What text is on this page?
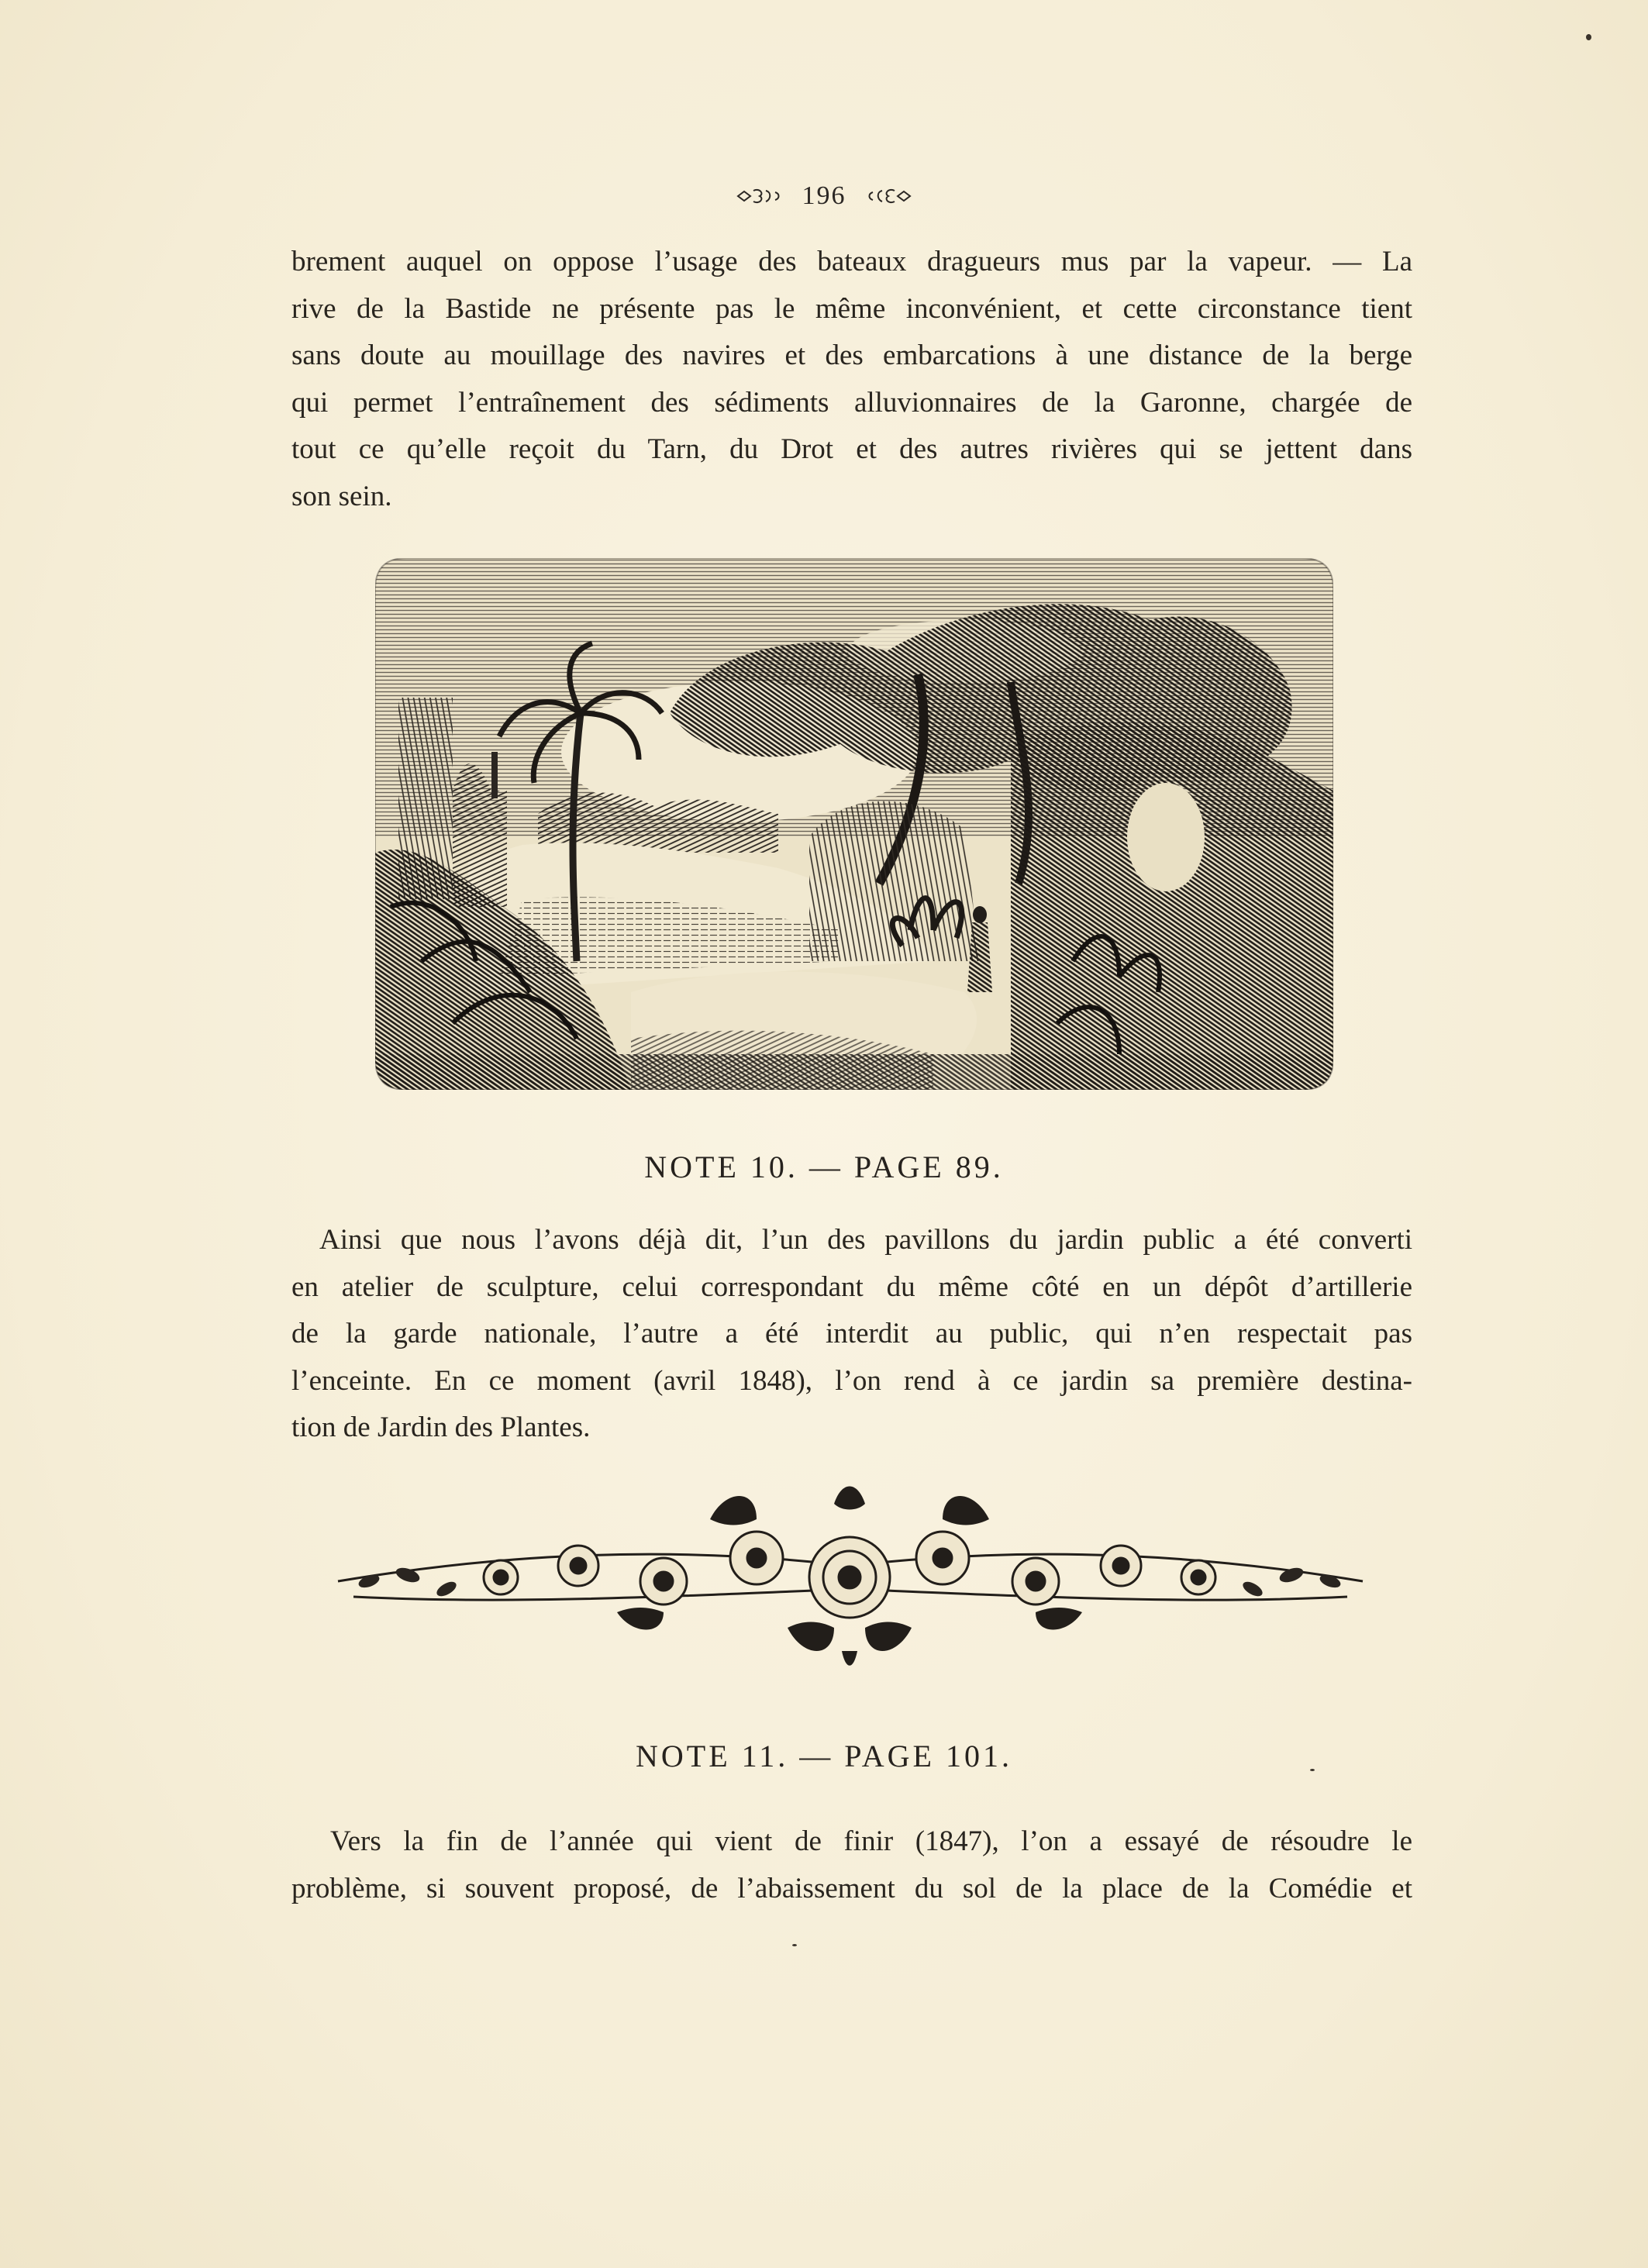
196
brement auquel on oppose l’usage des bateaux dragueurs mus par la vapeur. — La
rive de la Bastide ne présente pas le même inconvénient, et cette circonstance tient
sans doute au mouillage des navires et des embarcations à une distance de la berge
qui permet l’entraînement des sédiments alluvionnaires de la Garonne, chargée de
tout ce qu’elle reçoit du Tarn, du Drot et des autres rivières qui se jettent dans
son sein.
NOTE 10. — PAGE 89.
Ainsi que nous l’avons déjà dit, l’un des pavillons du jardin public a été converti
en atelier de sculpture, celui correspondant du même côté en un dépôt d’artillerie
de la garde nationale, l’autre a été interdit au public, qui n’en respectait pas
l’enceinte. En ce moment (avril 1848), l’on rend à ce jardin sa première destina-
tion de Jardin des Plantes.
NOTE 11. — PAGE 101.
Vers la fin de l’année qui vient de finir (1847), l’on a essayé de résoudre le
problème, si souvent proposé, de l’abaissement du sol de la place de la Comédie et
